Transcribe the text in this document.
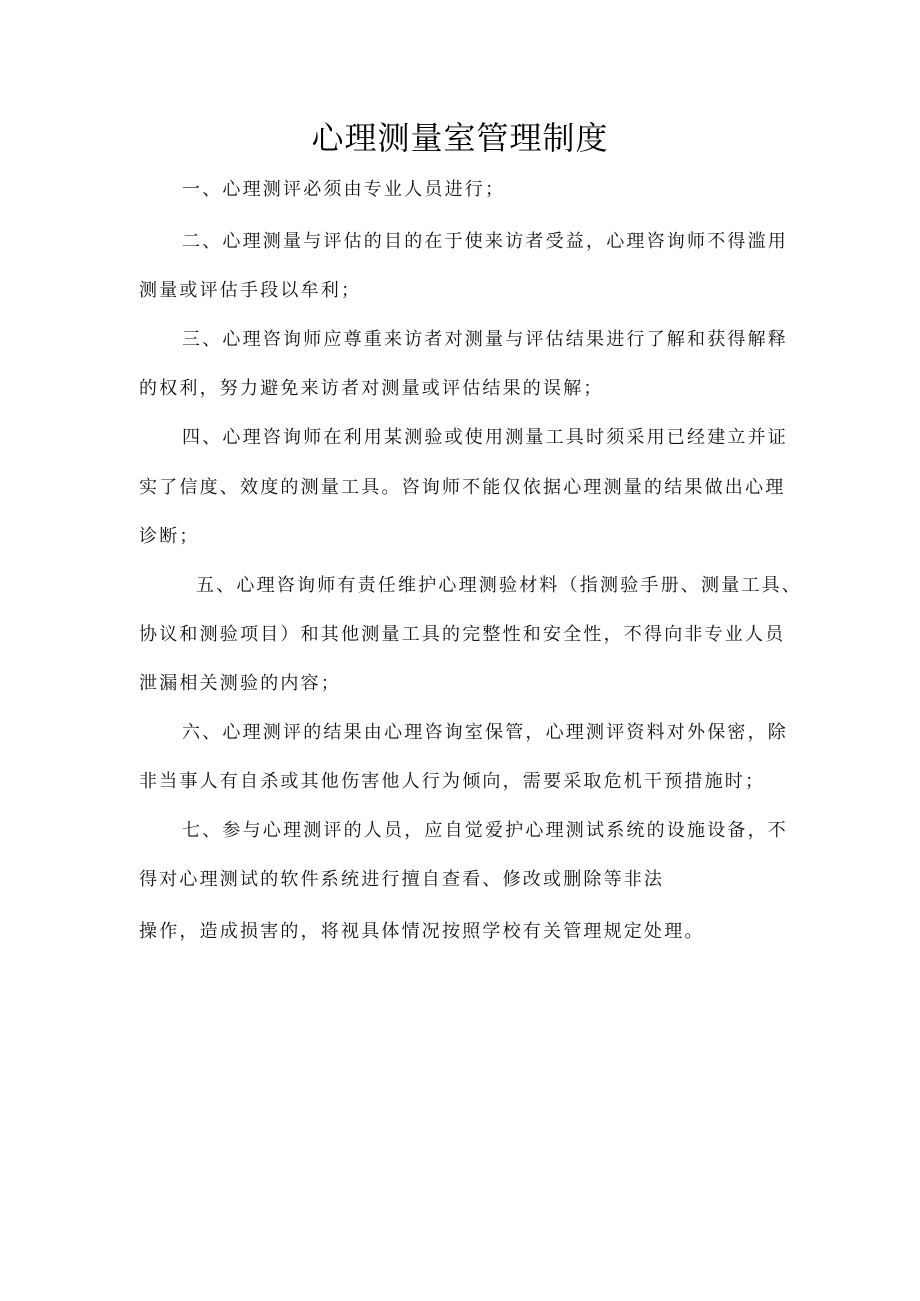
心理测量室管理制度
一、心理测评必须由专业人员进行；
二、心理测量与评估的目的在于使来访者受益，心理咨询师不得滥用
测量或评估手段以牟利；
三、心理咨询师应尊重来访者对测量与评估结果进行了解和获得解释
的权利，努力避免来访者对测量或评估结果的误解；
四、心理咨询师在利用某测验或使用测量工具时须采用已经建立并证
实了信度、效度的测量工具。咨询师不能仅依据心理测量的结果做出心理
诊断；
五、心理咨询师有责任维护心理测验材料（指测验手册、测量工具、
协议和测验项目）和其他测量工具的完整性和安全性，不得向非专业人员
泄漏相关测验的内容；
六、心理测评的结果由心理咨询室保管，心理测评资料对外保密，除
非当事人有自杀或其他伤害他人行为倾向，需要采取危机干预措施时；
七、参与心理测评的人员，应自觉爱护心理测试系统的设施设备，不
得对心理测试的软件系统进行擅自查看、修改或删除等非法
操作，造成损害的，将视具体情况按照学校有关管理规定处理。
